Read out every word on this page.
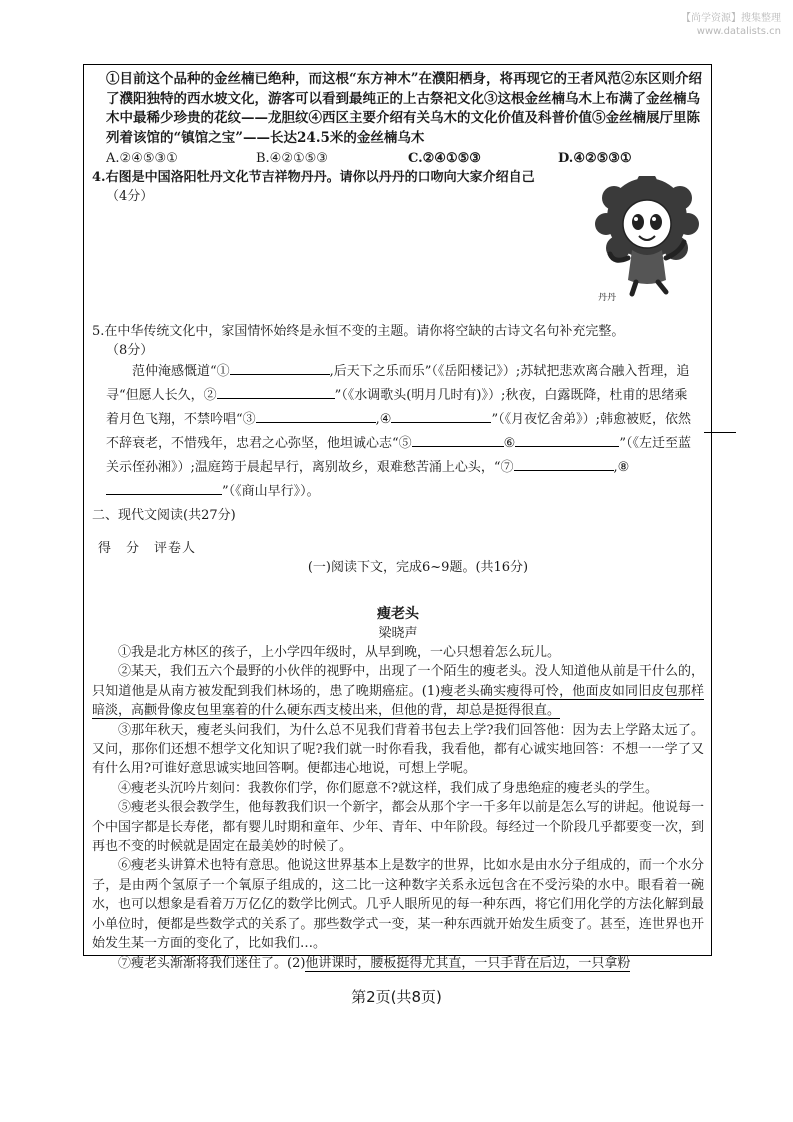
【尚学资源】搜集整理
www.datalists.cn

①目前这个品种的金丝楠已绝种，而这根“东方神木”在濮阳栖身，将再现它的王者风范②东区则介绍了濮阳独特的西水坡文化，游客可以看到最纯正的上古祭祀文化③这根金丝楠乌木上布满了金丝楠乌木中最稀少珍贵的花纹——龙胆纹④西区主要介绍有关乌木的文化价值及科普价值⑤金丝楠展厅里陈列着该馆的“镇馆之宝”——长达24.5米的金丝楠乌木

A.②④⑤③①	B.④②①⑤③	C.②④①⑤③	D.④②⑤③①
4.右图是中国洛阳牡丹文化节吉祥物丹丹。请你以丹丹的口吻向大家介绍自己
（4分）
丹丹
5.在中华传统文化中，家国情怀始终是永恒不变的主题。请你将空缺的古诗文名句补充完整。
（8分）
范仲淹感慨道“①	,后天下之乐而乐”（《岳阳楼记》）;苏轼把悲欢离合融入哲理，追寻“但愿人长久，②	”（《水调歌头(明月几时有)》）;秋夜，白露既降，杜甫的思绪乘着月色飞翔，不禁吟唱“③	,④	”（《月夜忆舍弟》）;韩愈被贬，依然不辞衰老，不惜残年，忠君之心弥坚，他坦诚心志“⑤	⑥	”（《左迁至蓝关示侄孙湘》）;温庭筠于晨起早行，离别故乡，艰难愁苦涌上心头，“⑦	,⑧”（《商山早行》）。
二、现代文阅读(共27分)
得　分　评卷人
(一)阅读下文，完成6~9题。(共16分)
瘦老头
梁晓声

①我是北方林区的孩子，上小学四年级时，从早到晚，一心只想着怎么玩儿。

②某天，我们五六个最野的小伙伴的视野中，出现了一个陌生的瘦老头。没人知道他从前是干什么的，只知道他是从南方被发配到我们林场的，患了晚期癌症。(1)瘦老头确实瘦得可怜，他面皮如同旧皮包那样暗淡，高颧骨像皮包里塞着的什么硬东西支棱出来，但他的背，却总是挺得很直。

③那年秋天，瘦老头问我们，为什么总不见我们背着书包去上学?我们回答他：因为去上学路太远了。又问，那你们还想不想学文化知识了呢?我们就一时你看我，我看他，都有心诚实地回答：不想一一学了又有什么用?可谁好意思诚实地回答啊。便都违心地说，可想上学呢。

④瘦老头沉吟片刻问：我教你们学，你们愿意不?就这样，我们成了身患绝症的瘦老头的学生。

⑤瘦老头很会教学生，他每教我们识一个新字，都会从那个字一千多年以前是怎么写的讲起。他说每一个中国字都是长寿佬，都有婴儿时期和童年、少年、青年、中年阶段。每经过一个阶段几乎都要变一次，到再也不变的时候就是固定在最美妙的时候了。

⑥瘦老头讲算术也特有意思。他说这世界基本上是数字的世界，比如水是由水分子组成的，而一个水分子，是由两个氢原子一个氧原子组成的，这二比一这种数字关系永远包含在不受污染的水中。眼看着一碗水，也可以想象是看着万万亿亿的数学比例式。几乎人眼所见的每一种东西，将它们用化学的方法化解到最小单位时，便都是些数学式的关系了。那些数学式一变，某一种东西就开始发生质变了。甚至，连世界也开始发生某一方面的变化了，比如我们…。

⑦瘦老头渐渐将我们迷住了。(2)他讲课时，腰板挺得尤其直，一只手背在后边，一只拿粉

第2页(共8页)
